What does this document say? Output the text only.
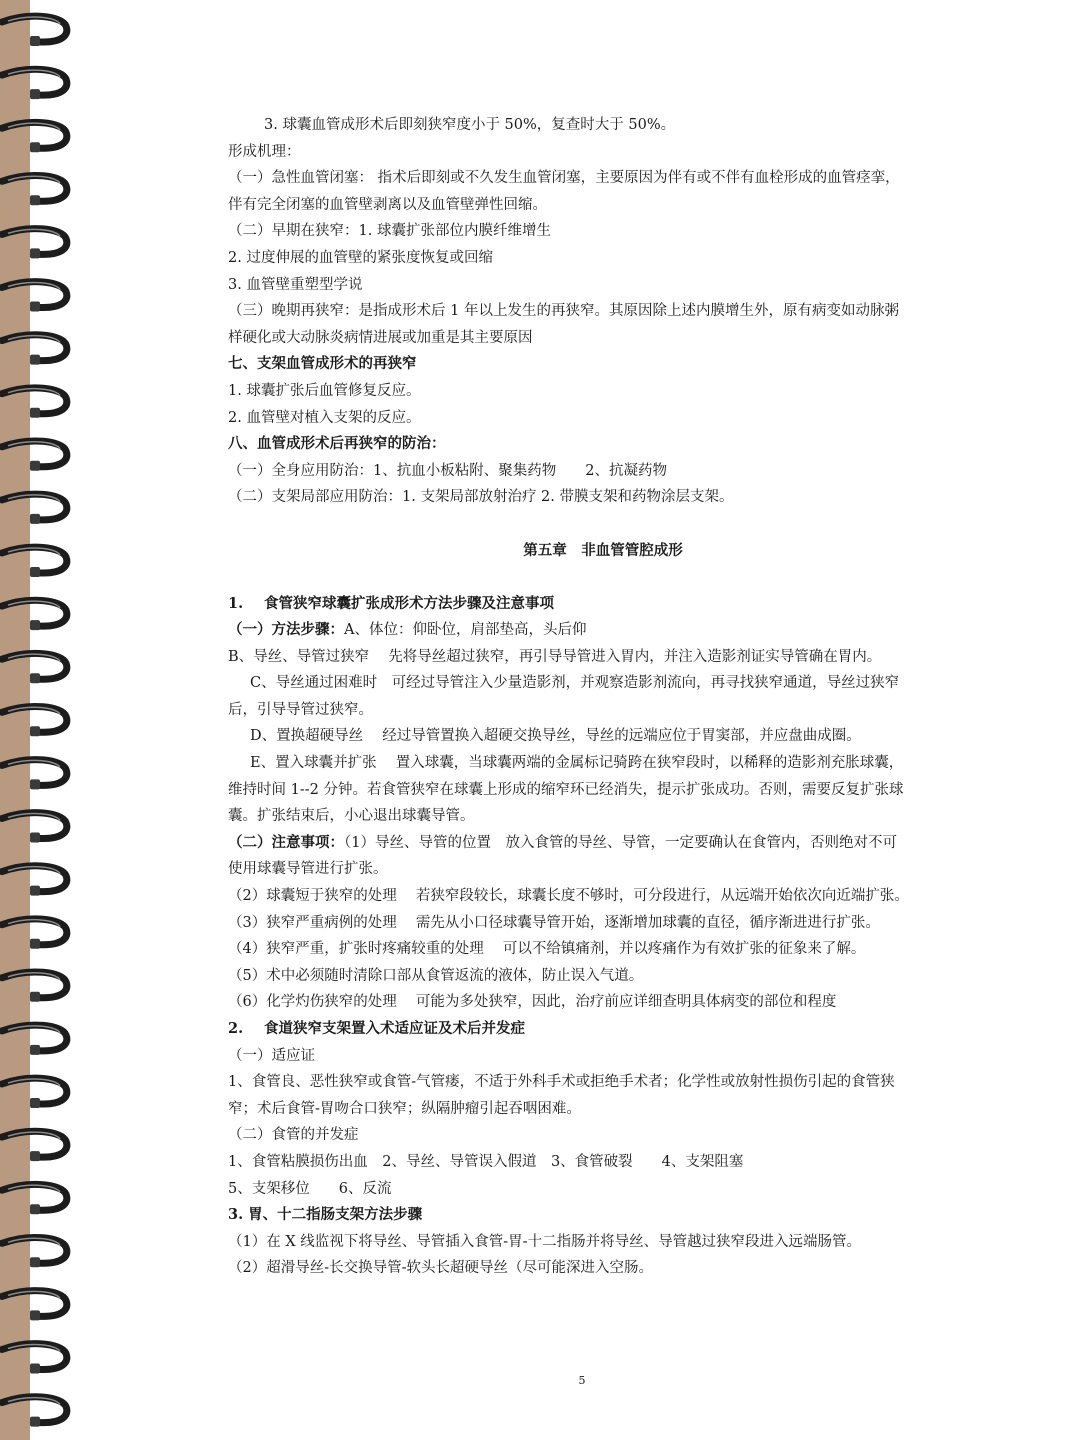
3. 球囊血管成形术后即刻狭窄度小于 50%，复查时大于 50%。
形成机理：
（一）急性血管闭塞： 指术后即刻或不久发生血管闭塞，主要原因为伴有或不伴有血栓形成的血管痉挛，
伴有完全闭塞的血管壁剥离以及血管壁弹性回缩。
（二）早期在狭窄：1. 球囊扩张部位内膜纤维增生
2. 过度伸展的血管壁的紧张度恢复或回缩
3. 血管壁重塑型学说
（三）晚期再狭窄：是指成形术后 1 年以上发生的再狭窄。其原因除上述内膜增生外，原有病变如动脉粥
样硬化或大动脉炎病情进展或加重是其主要原因
七、支架血管成形术的再狭窄
1. 球囊扩张后血管修复反应。
2. 血管壁对植入支架的反应。
八、血管成形术后再狭窄的防治：
（一）全身应用防治：1、抗血小板粘附、聚集药物　　2、抗凝药物
（二）支架局部应用防治：1. 支架局部放射治疗 2. 带膜支架和药物涂层支架。
第五章　非血管管腔成形
1. 食管狭窄球囊扩张成形术方法步骤及注意事项
（一）方法步骤：A、体位：仰卧位，肩部垫高，头后仰
B、导丝、导管过狭窄　 先将导丝超过狭窄，再引导导管进入胃内，并注入造影剂证实导管确在胃内。
C、导丝通过困难时　可经过导管注入少量造影剂，并观察造影剂流向，再寻找狭窄通道，导丝过狭窄
后，引导导管过狭窄。
D、置换超硬导丝　 经过导管置换入超硬交换导丝，导丝的远端应位于胃窦部，并应盘曲成圈。
E、置入球囊并扩张　 置入球囊，当球囊两端的金属标记骑跨在狭窄段时，以稀释的造影剂充胀球囊，
维持时间 1--2 分钟。若食管狭窄在球囊上形成的缩窄环已经消失，提示扩张成功。否则，需要反复扩张球
囊。扩张结束后，小心退出球囊导管。
（二）注意事项：（1）导丝、导管的位置　放入食管的导丝、导管，一定要确认在食管内，否则绝对不可
使用球囊导管进行扩张。
（2）球囊短于狭窄的处理　 若狭窄段较长，球囊长度不够时，可分段进行，从远端开始依次向近端扩张。
（3）狭窄严重病例的处理　 需先从小口径球囊导管开始，逐渐增加球囊的直径，循序渐进进行扩张。
（4）狭窄严重，扩张时疼痛较重的处理　 可以不给镇痛剂，并以疼痛作为有效扩张的征象来了解。
（5）术中必须随时清除口部从食管返流的液体，防止误入气道。
（6）化学灼伤狭窄的处理　 可能为多处狭窄，因此，治疗前应详细查明具体病变的部位和程度
2. 食道狭窄支架置入术适应证及术后并发症
（一）适应证
1、食管良、恶性狭窄或食管-气管瘘，不适于外科手术或拒绝手术者；化学性或放射性损伤引起的食管狭
窄；术后食管-胃吻合口狭窄；纵隔肿瘤引起吞咽困难。
（二）食管的并发症
1、食管粘膜损伤出血　2、导丝、导管误入假道　3、食管破裂　　4、支架阻塞
5、支架移位　　6、反流
3. 胃、十二指肠支架方法步骤
（1）在 X 线监视下将导丝、导管插入食管-胃-十二指肠并将导丝、导管越过狭窄段进入远端肠管。
（2）超滑导丝-长交换导管-软头长超硬导丝（尽可能深进入空肠。
5
